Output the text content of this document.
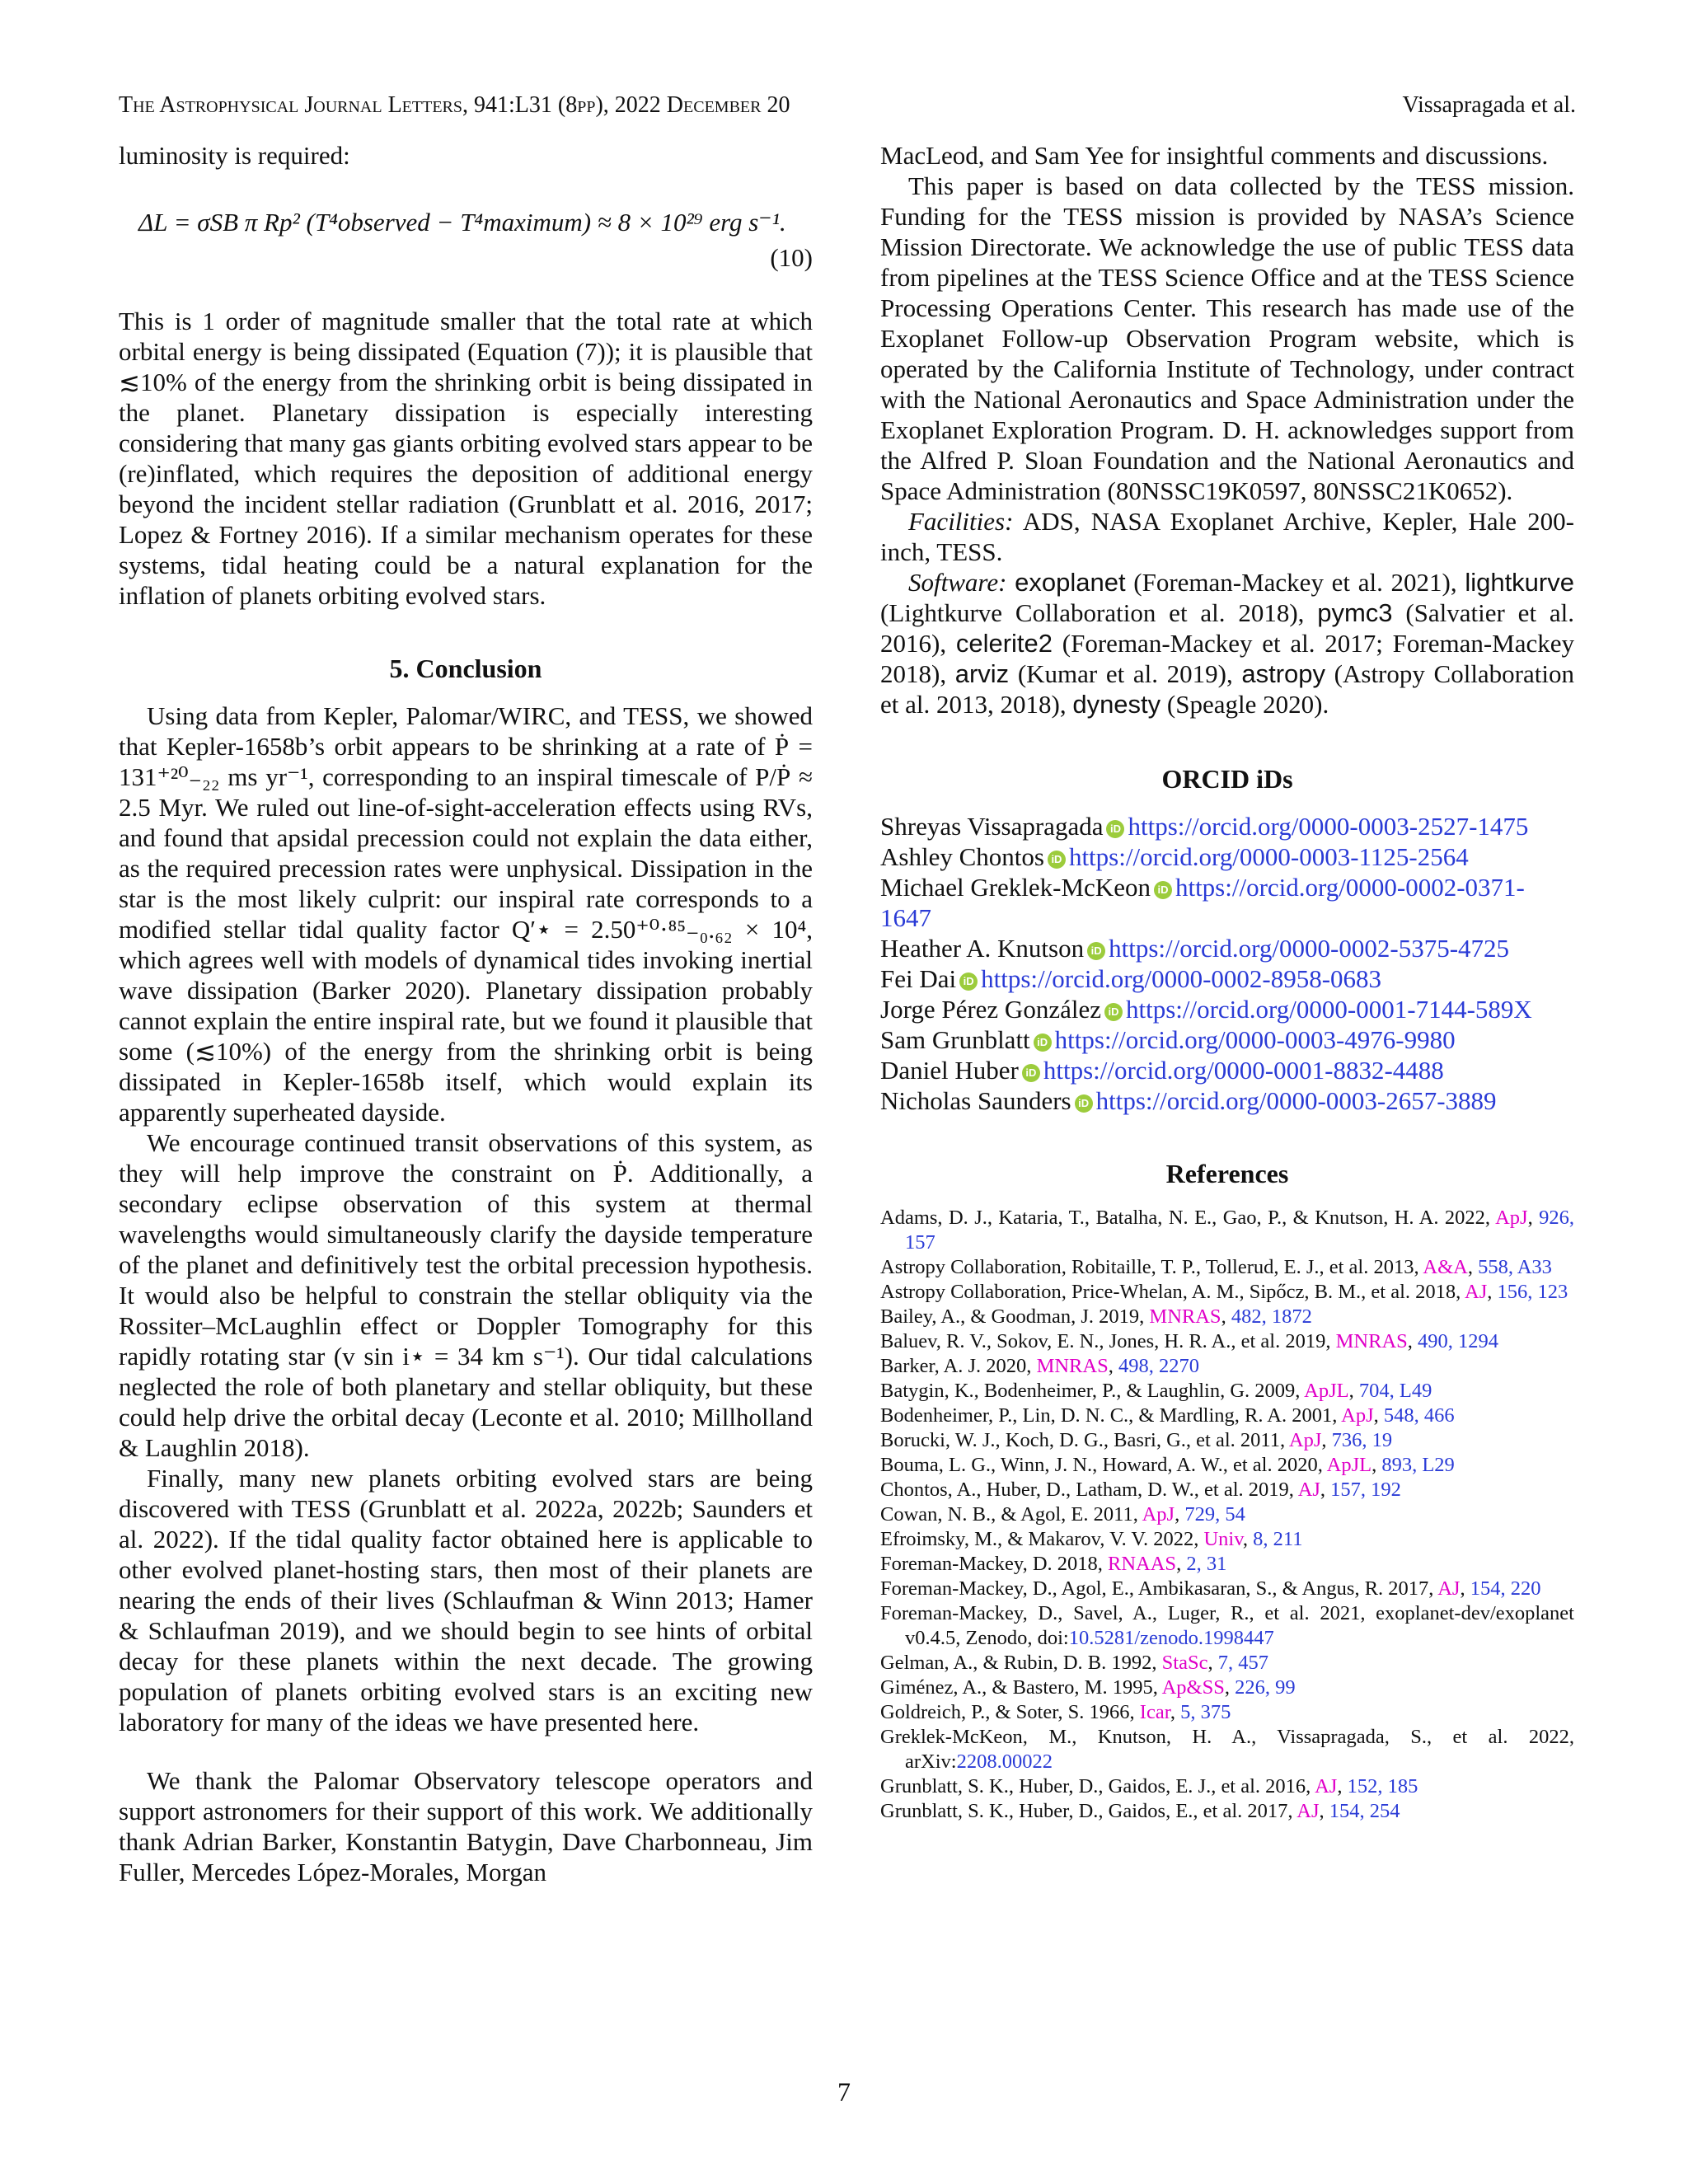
The Astrophysical Journal Letters, 941:L31 (8pp), 2022 December 20	Vissapragada et al.

luminosity is required:

ΔL = σSB π Rp² (T⁴observed − T⁴maximum) ≈ 8 × 10²⁹ erg s⁻¹.
(10)

This is 1 order of magnitude smaller that the total rate at which orbital energy is being dissipated (Equation (7)); it is plausible that ≲10% of the energy from the shrinking orbit is being dissipated in the planet. Planetary dissipation is especially interesting considering that many gas giants orbiting evolved stars appear to be (re)inflated, which requires the deposition of additional energy beyond the incident stellar radiation (Grunblatt et al. 2016, 2017; Lopez & Fortney 2016). If a similar mechanism operates for these systems, tidal heating could be a natural explanation for the inflation of planets orbiting evolved stars.

5. Conclusion

Using data from Kepler, Palomar/WIRC, and TESS, we showed that Kepler-1658b’s orbit appears to be shrinking at a rate of Ṗ = 131⁺²⁰₋₂₂ ms yr⁻¹, corresponding to an inspiral timescale of P/Ṗ ≈ 2.5 Myr. We ruled out line-of-sight-acceleration effects using RVs, and found that apsidal precession could not explain the data either, as the required precession rates were unphysical. Dissipation in the star is the most likely culprit: our inspiral rate corresponds to a modified stellar tidal quality factor Q′⋆ = 2.50⁺⁰·⁸⁵₋₀.₆₂ × 10⁴, which agrees well with models of dynamical tides invoking inertial wave dissipation (Barker 2020). Planetary dissipation probably cannot explain the entire inspiral rate, but we found it plausible that some (≲10%) of the energy from the shrinking orbit is being dissipated in Kepler-1658b itself, which would explain its apparently superheated dayside.

We encourage continued transit observations of this system, as they will help improve the constraint on Ṗ. Additionally, a secondary eclipse observation of this system at thermal wavelengths would simultaneously clarify the dayside temperature of the planet and definitively test the orbital precession hypothesis. It would also be helpful to constrain the stellar obliquity via the Rossiter–McLaughlin effect or Doppler Tomography for this rapidly rotating star (v sin i⋆ = 34 km s⁻¹). Our tidal calculations neglected the role of both planetary and stellar obliquity, but these could help drive the orbital decay (Leconte et al. 2010; Millholland & Laughlin 2018).

Finally, many new planets orbiting evolved stars are being discovered with TESS (Grunblatt et al. 2022a, 2022b; Saunders et al. 2022). If the tidal quality factor obtained here is applicable to other evolved planet-hosting stars, then most of their planets are nearing the ends of their lives (Schlaufman & Winn 2013; Hamer & Schlaufman 2019), and we should begin to see hints of orbital decay for these planets within the next decade. The growing population of planets orbiting evolved stars is an exciting new laboratory for many of the ideas we have presented here.

We thank the Palomar Observatory telescope operators and support astronomers for their support of this work. We additionally thank Adrian Barker, Konstantin Batygin, Dave Charbonneau, Jim Fuller, Mercedes López-Morales, Morgan

MacLeod, and Sam Yee for insightful comments and discussions.

This paper is based on data collected by the TESS mission. Funding for the TESS mission is provided by NASA’s Science Mission Directorate. We acknowledge the use of public TESS data from pipelines at the TESS Science Office and at the TESS Science Processing Operations Center. This research has made use of the Exoplanet Follow-up Observation Program website, which is operated by the California Institute of Technology, under contract with the National Aeronautics and Space Administration under the Exoplanet Exploration Program. D. H. acknowledges support from the Alfred P. Sloan Foundation and the National Aeronautics and Space Administration (80NSSC19K0597, 80NSSC21K0652).

Facilities: ADS, NASA Exoplanet Archive, Kepler, Hale 200-inch, TESS.

Software: exoplanet (Foreman-Mackey et al. 2021), lightkurve (Lightkurve Collaboration et al. 2018), pymc3 (Salvatier et al. 2016), celerite2 (Foreman-Mackey et al. 2017; Foreman-Mackey 2018), arviz (Kumar et al. 2019), astropy (Astropy Collaboration et al. 2013, 2018), dynesty (Speagle 2020).

ORCID iDs
Shreyas Vissapragada iD https://orcid.org/0000-0003-2527-1475
Ashley Chontos iD https://orcid.org/0000-0003-1125-2564
Michael Greklek-McKeon iD https://orcid.org/0000-0002-0371-1647
Heather A. Knutson iD https://orcid.org/0000-0002-5375-4725
Fei Dai iD https://orcid.org/0000-0002-8958-0683
Jorge Pérez González iD https://orcid.org/0000-0001-7144-589X
Sam Grunblatt iD https://orcid.org/0000-0003-4976-9980
Daniel Huber iD https://orcid.org/0000-0001-8832-4488
Nicholas Saunders iD https://orcid.org/0000-0003-2657-3889
References

Adams, D. J., Kataria, T., Batalha, N. E., Gao, P., & Knutson, H. A. 2022, ApJ, 926, 157

Astropy Collaboration, Robitaille, T. P., Tollerud, E. J., et al. 2013, A&A, 558, A33

Astropy Collaboration, Price-Whelan, A. M., Sipőcz, B. M., et al. 2018, AJ, 156, 123

Bailey, A., & Goodman, J. 2019, MNRAS, 482, 1872

Baluev, R. V., Sokov, E. N., Jones, H. R. A., et al. 2019, MNRAS, 490, 1294

Barker, A. J. 2020, MNRAS, 498, 2270

Batygin, K., Bodenheimer, P., & Laughlin, G. 2009, ApJL, 704, L49

Bodenheimer, P., Lin, D. N. C., & Mardling, R. A. 2001, ApJ, 548, 466

Borucki, W. J., Koch, D. G., Basri, G., et al. 2011, ApJ, 736, 19

Bouma, L. G., Winn, J. N., Howard, A. W., et al. 2020, ApJL, 893, L29

Chontos, A., Huber, D., Latham, D. W., et al. 2019, AJ, 157, 192

Cowan, N. B., & Agol, E. 2011, ApJ, 729, 54

Efroimsky, M., & Makarov, V. V. 2022, Univ, 8, 211

Foreman-Mackey, D. 2018, RNAAS, 2, 31

Foreman-Mackey, D., Agol, E., Ambikasaran, S., & Angus, R. 2017, AJ, 154, 220

Foreman-Mackey, D., Savel, A., Luger, R., et al. 2021, exoplanet-dev/exoplanet v0.4.5, Zenodo, doi:10.5281/zenodo.1998447

Gelman, A., & Rubin, D. B. 1992, StaSc, 7, 457

Giménez, A., & Bastero, M. 1995, Ap&SS, 226, 99

Goldreich, P., & Soter, S. 1966, Icar, 5, 375

Greklek-McKeon, M., Knutson, H. A., Vissapragada, S., et al. 2022, arXiv:2208.00022

Grunblatt, S. K., Huber, D., Gaidos, E. J., et al. 2016, AJ, 152, 185

Grunblatt, S. K., Huber, D., Gaidos, E., et al. 2017, AJ, 154, 254

7
